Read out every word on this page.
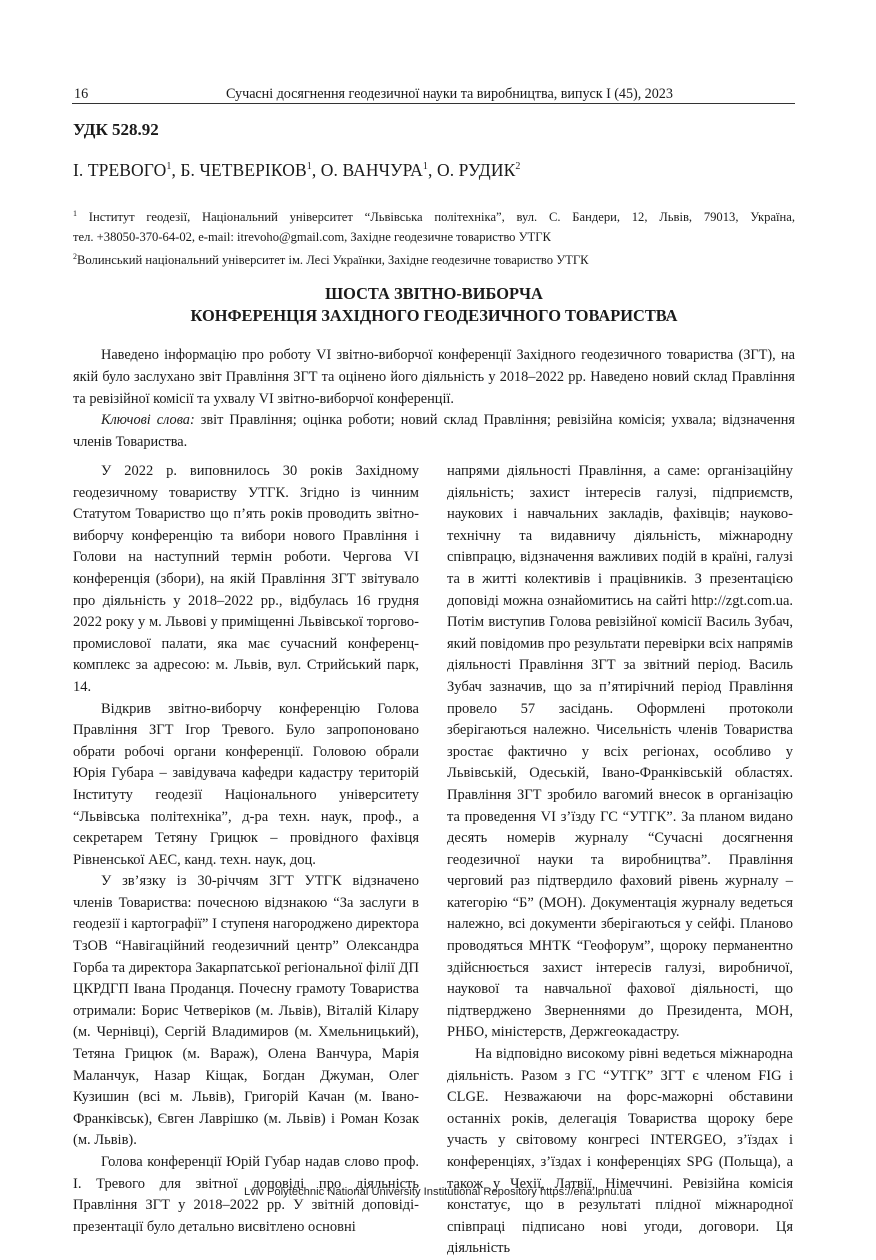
16	Сучасні досягнення геодезичної науки та виробництва, випуск I (45), 2023
УДК 528.92
І. ТРЕВОГО$^1$, Б. ЧЕТВЕРІКОВ$^1$, О. ВАНЧУРА$^1$, О. РУДИК$^2$
$^1$ Інститут геодезії, Національний університет “Львівська політехніка”, вул. С. Бандери, 12, Львів, 79013, Україна,
тел. +38050-370-64-02, e-mail: itrevoho@gmail.com, Західне геодезичне товариство УТГК
$^2$Волинський національний університет ім. Лесі Українки, Західне геодезичне товариство УТГК
ШОСТА ЗВІТНО-ВИБОРЧА
КОНФЕРЕНЦІЯ ЗАХІДНОГО ГЕОДЕЗИЧНОГО ТОВАРИСТВА

Наведено інформацію про роботу VI звітно-виборчої конференції Західного геодезичного товариства (ЗГТ), на якій було заслухано звіт Правління ЗГТ та оцінено його діяльність у 2018–2022 рр. Наведено новий склад Правління та ревізійної комісії та ухвалу VI звітно-виборчої конференції.

Ключові слова: звіт Правління; оцінка роботи; новий склад Правління; ревізійна комісія; ухвала; відзначення членів Товариства.

У 2022 р. виповнилось 30 років Західному геодезичному товариству УТГК. Згідно із чинним Статутом Товариство що п’ять років проводить звітно-виборчу конференцію та вибори нового Правління і Голови на наступний термін роботи. Чергова VI конференція (збори), на якій Правління ЗГТ звітувало про діяльність у 2018–2022 рр., відбулась 16 грудня 2022 року у м. Львові у приміщенні Львівської торгово-промислової палати, яка має сучасний конференц-комплекс за адресою: м. Львів, вул. Стрийський парк, 14.

Відкрив звітно-виборчу конференцію Голова Правління ЗГТ Ігор Тревого. Було запропоновано обрати робочі органи конференції. Головою обрали Юрія Губара – завідувача кафедри кадастру територій Інституту геодезії Національного університету “Львівська політехніка”, д-ра техн. наук, проф., а секретарем Тетяну Грицюк – провідного фахівця Рівненської АЕС, канд. техн. наук, доц.

У зв’язку із 30-річчям ЗГТ УТГК відзначено членів Товариства: почесною відзнакою “За заслуги в геодезії і картографії” І ступеня нагороджено директора ТзОВ “Навігаційний геодезичний центр” Олександра Горба та директора Закарпатської регіональної філії ДП ЦКРДГП Івана Проданця. Почесну грамоту Товариства отримали: Борис Четверіков (м. Львів), Віталій Кілару (м. Чернівці), Сергій Владимиров (м. Хмельницький), Тетяна Грицюк (м. Вараж), Олена Ванчура, Марія Маланчук, Назар Кіщак, Богдан Джуман, Олег Кузишин (всі м. Львів), Григорій Качан (м. Івано-Франківськ), Євген Лаврішко (м. Львів) і Роман Козак (м. Львів).

Голова конференції Юрій Губар надав слово проф. І. Тревого для звітної доповіді про діяльність Правління ЗГТ у 2018–2022 рр. У звітній доповіді-презентації було детально висвітлено основні

напрями діяльності Правління, а саме: організаційну діяльність; захист інтересів галузі, підприємств, наукових і навчальних закладів, фахівців; науково-технічну та видавничу діяльність, міжнародну співпрацю, відзначення важливих подій в країні, галузі та в житті колективів і працівників. З презентацією доповіді можна ознайомитись на сайті http://zgt.com.ua. Потім виступив Голова ревізійної комісії Василь Зубач, який повідомив про результати перевірки всіх напрямів діяльності Правління ЗГТ за звітний період. Василь Зубач зазначив, що за п’ятирічний період Правління провело 57 засідань. Оформлені протоколи зберігаються належно. Чисельність членів Товариства зростає фактично у всіх регіонах, особливо у Львівській, Одеській, Івано-Франківській областях. Правління ЗГТ зробило вагомий внесок в організацію та проведення VI з’їзду ГС “УТГК”. За планом видано десять номерів журналу “Сучасні досягнення геодезичної науки та виробництва”. Правління черговий раз підтвердило фаховий рівень журналу – категорію “Б” (МОН). Документація журналу ведеться належно, всі документи зберігаються у сейфі. Планово проводяться МНТК “Геофорум”, щороку перманентно здійснюється захист інтересів галузі, виробничої, наукової та навчальної фахової діяльності, що підтверджено Зверненнями до Президента, МОН, РНБО, міністерств, Держгеокадастру.

На відповідно високому рівні ведеться міжнародна діяльність. Разом з ГС “УТГК” ЗГТ є членом FIG і CLGE. Незважаючи на форс-мажорні обставини останніх років, делегація Товариства щороку бере участь у світовому конгресі INTERGEO, з’їздах і конференціях, з’їздах і конференціях SPG (Польща), а також у Чехії, Латвії, Німеччині. Ревізійна комісія констатує, що в результаті плідної міжнародної співпраці підписано нові угоди, договори. Ця діяльність

Lviv Polytechnic National University Institutional Repository https://ena.lpnu.ua
